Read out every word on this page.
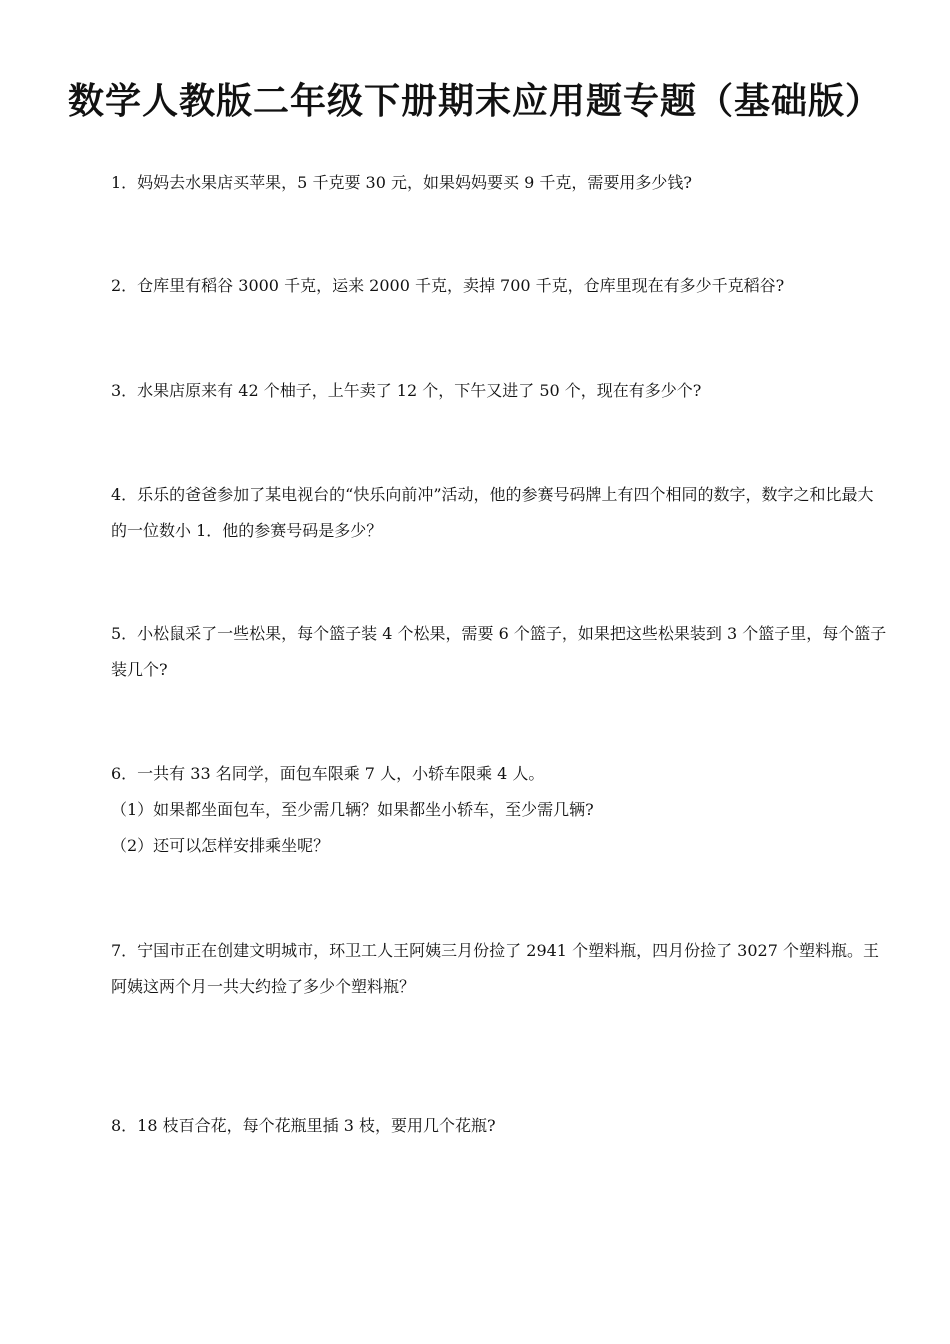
数学人教版二年级下册期末应用题专题（基础版）

1．妈妈去水果店买苹果，5 千克要 30 元，如果妈妈要买 9 千克，需要用多少钱?

2．仓库里有稻谷 3000 千克，运来 2000 千克，卖掉 700 千克，仓库里现在有多少千克稻谷?

3．水果店原来有 42 个柚子，上午卖了 12 个，下午又进了 50 个，现在有多少个?

4．乐乐的爸爸参加了某电视台的“快乐向前冲”活动，他的参赛号码牌上有四个相同的数字，数字之和比最大的一位数小 1．他的参赛号码是多少？

5．小松鼠采了一些松果，每个篮子装 4 个松果，需要 6 个篮子，如果把这些松果装到 3 个篮子里，每个篮子装几个?

6．一共有 33 名同学，面包车限乘 7 人，小轿车限乘 4 人。

（1）如果都坐面包车，至少需几辆？如果都坐小轿车，至少需几辆?

（2）还可以怎样安排乘坐呢？

7．宁国市正在创建文明城市，环卫工人王阿姨三月份捡了 2941 个塑料瓶，四月份捡了 3027 个塑料瓶。王阿姨这两个月一共大约捡了多少个塑料瓶？

8．18 枝百合花，每个花瓶里插 3 枝，要用几个花瓶?
